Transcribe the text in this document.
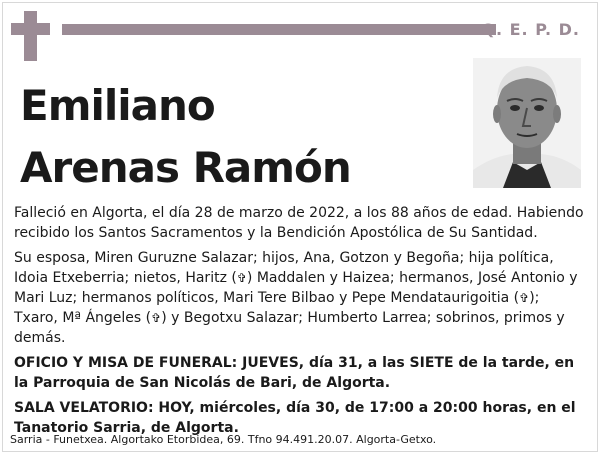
Q. E. P. D.
Emiliano
Arenas Ramón

Falleció en Algorta, el día 28 de marzo de 2022, a los 88 años de edad. Habiendo recibido los Santos Sacramentos y la Bendición Apostólica de Su Santidad.

Su esposa, Miren Guruzne Salazar; hijos, Ana, Gotzon y Begoña; hija política, Idoia Etxeberria; nietos, Haritz (✞) Maddalen y Haizea; hermanos, José Antonio y Mari Luz; hermanos políticos, Mari Tere Bilbao y Pepe Mendataurigoitia (✞); Txaro, Mª Ángeles (✞) y Begotxu Salazar; Humberto Larrea; sobrinos, primos y demás.

OFICIO Y MISA DE FUNERAL: JUEVES, día 31, a las SIETE de la tarde, en la Parroquia de San Nicolás de Bari, de Algorta.

SALA VELATORIO: HOY, miércoles, día 30, de 17:00 a 20:00 horas, en el Tanatorio Sarria, de Algorta.

Sarria - Funetxea. Algortako Etorbidea, 69. Tfno 94.491.20.07. Algorta-Getxo.
